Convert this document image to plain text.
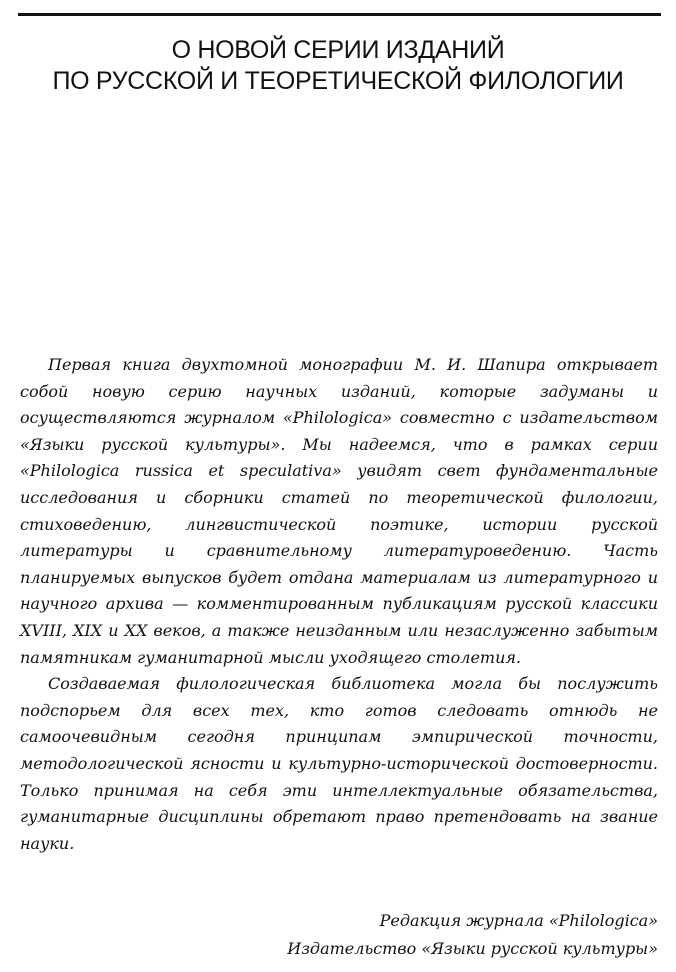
О НОВОЙ СЕРИИ ИЗДАНИЙ
ПО РУССКОЙ И ТЕОРЕТИЧЕСКОЙ ФИЛОЛОГИИ

Первая книга двухтомной монографии М. И. Шапира открывает собой новую серию научных изданий, которые задуманы и осуществляются журналом «Philologica» совместно с издательством «Языки русской культуры». Мы надеемся, что в рамках серии «Philologica russica et speculativa» увидят свет фундаментальные исследования и сборники статей по теоретической филологии, стиховедению, лингвистической поэтике, истории русской литературы и сравнительному литературоведению. Часть планируемых выпусков будет отдана материалам из литературного и научного архива — комментированным публикациям русской классики XVIII, XIX и XX веков, а также неизданным или незаслуженно забытым памятникам гуманитарной мысли уходящего столетия.

Создаваемая филологическая библиотека могла бы послужить подспорьем для всех тех, кто готов следовать отнюдь не самоочевидным сегодня принципам эмпирической точности, методологической ясности и культурно-исторической достоверности. Только принимая на себя эти интеллектуальные обязательства, гуманитарные дисциплины обретают право претендовать на звание науки.

Редакция журнала «Philologica»
Издательство «Языки русской культуры»
